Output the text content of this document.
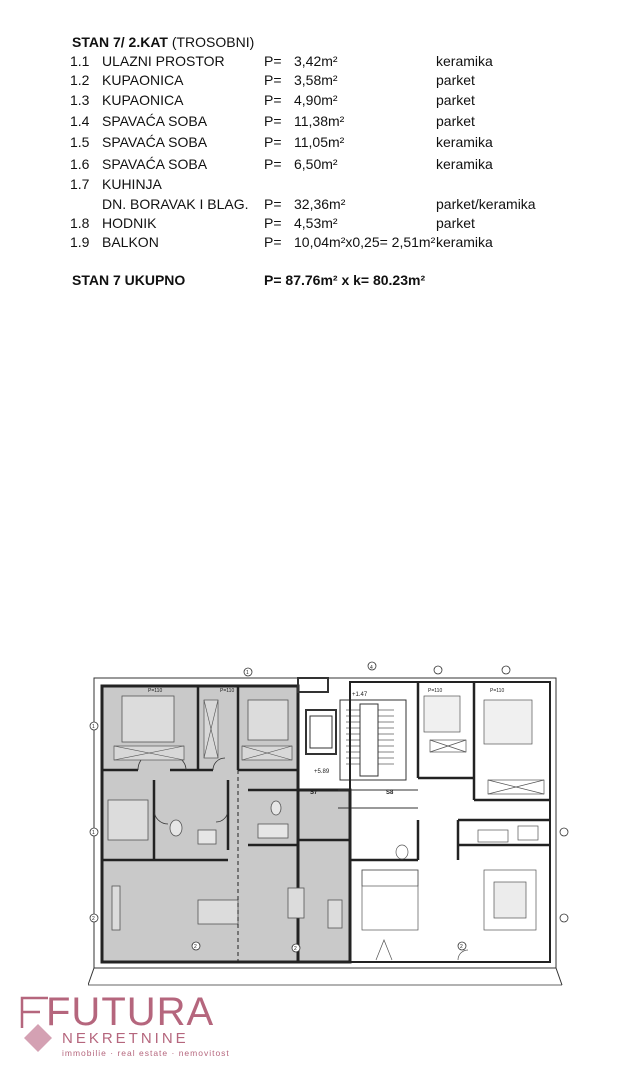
STAN 7/ 2.KAT (TROSOBNI)
1.1 ULAZNI PROSTOR	P= 3,42m²	keramika
1.2 KUPAONICA	P= 3,58m²	parket
1.3 KUPAONICA	P= 4,90m²	parket
1.4 SPAVAĆA SOBA	P= 11,38m²	parket
1.5 SPAVAĆA SOBA	P= 11,05m²	keramika
1.6 SPAVAĆA SOBA	P= 6,50m²	keramika
1.7 KUHINJA
DN. BORAVAK I BLAG. P= 32,36m²	parket/keramika
1.8 HODNIK	P= 4,53m²	parket
1.9 BALKON	P= 10,04m²x0,25= 2,51m² keramika
STAN 7 UKUPNO	P= 87.76m² x k= 80.23m²
P=110	P=110	P=110	P=110
+1.47
+5.89
S7	S8
4
1
1
1
2
2	2	2
FUTURA
NEKRETNINE
immobilie · real estate · nemovitost
